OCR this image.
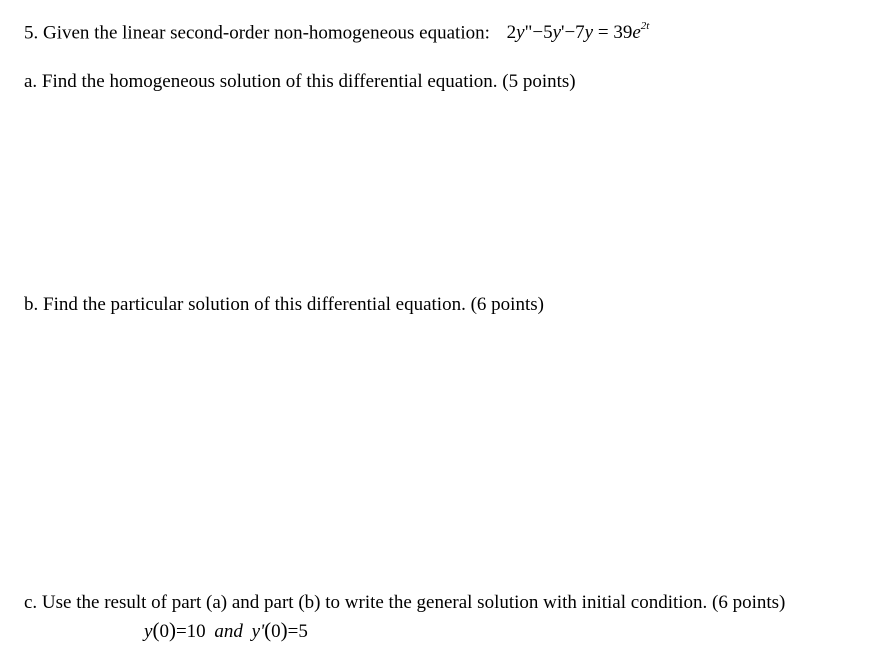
5. Given the linear second-order non-homogeneous equation: 2y"−5y'−7y = $39e^{2t}$
a. Find the homogeneous solution of this differential equation. (5 points)
b. Find the particular solution of this differential equation. (6 points)
c. Use the result of part (a) and part (b) to write the general solution with initial condition. (6 points)
y(0)=10 and y'(0)=5
